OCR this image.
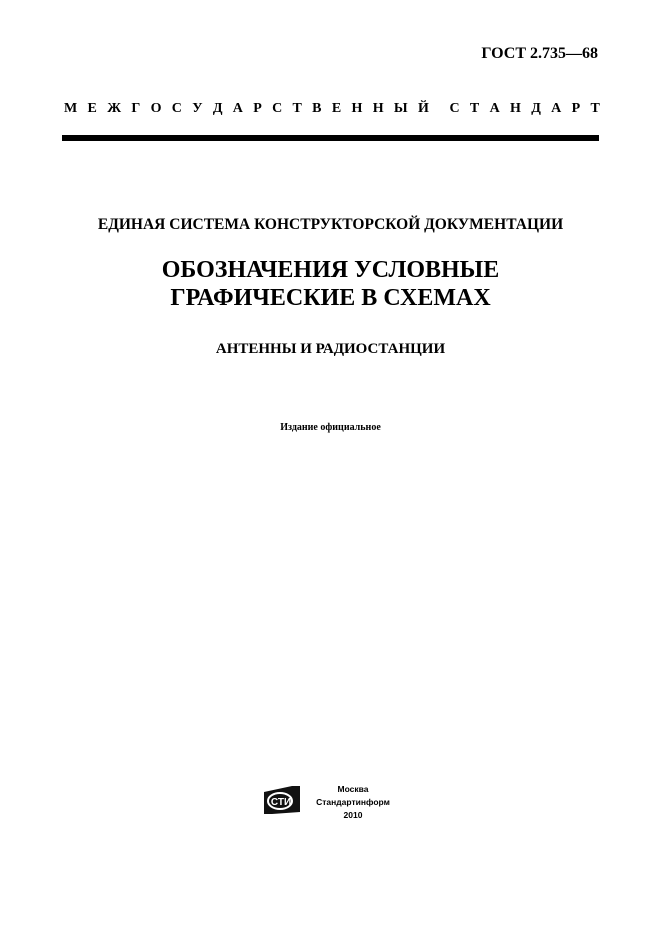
ГОСТ 2.735—68
М Е Ж Г О С У Д А Р С Т В Е Н Н Ы Й С Т А Н Д А Р Т
ЕДИНАЯ СИСТЕМА КОНСТРУКТОРСКОЙ ДОКУМЕНТАЦИИ
ОБОЗНАЧЕНИЯ УСЛОВНЫЕ
ГРАФИЧЕСКИЕ В СХЕМАХ
АНТЕННЫ И РАДИОСТАНЦИИ
Издание официальное
СТИ
Москва
Стандартинформ
2010
